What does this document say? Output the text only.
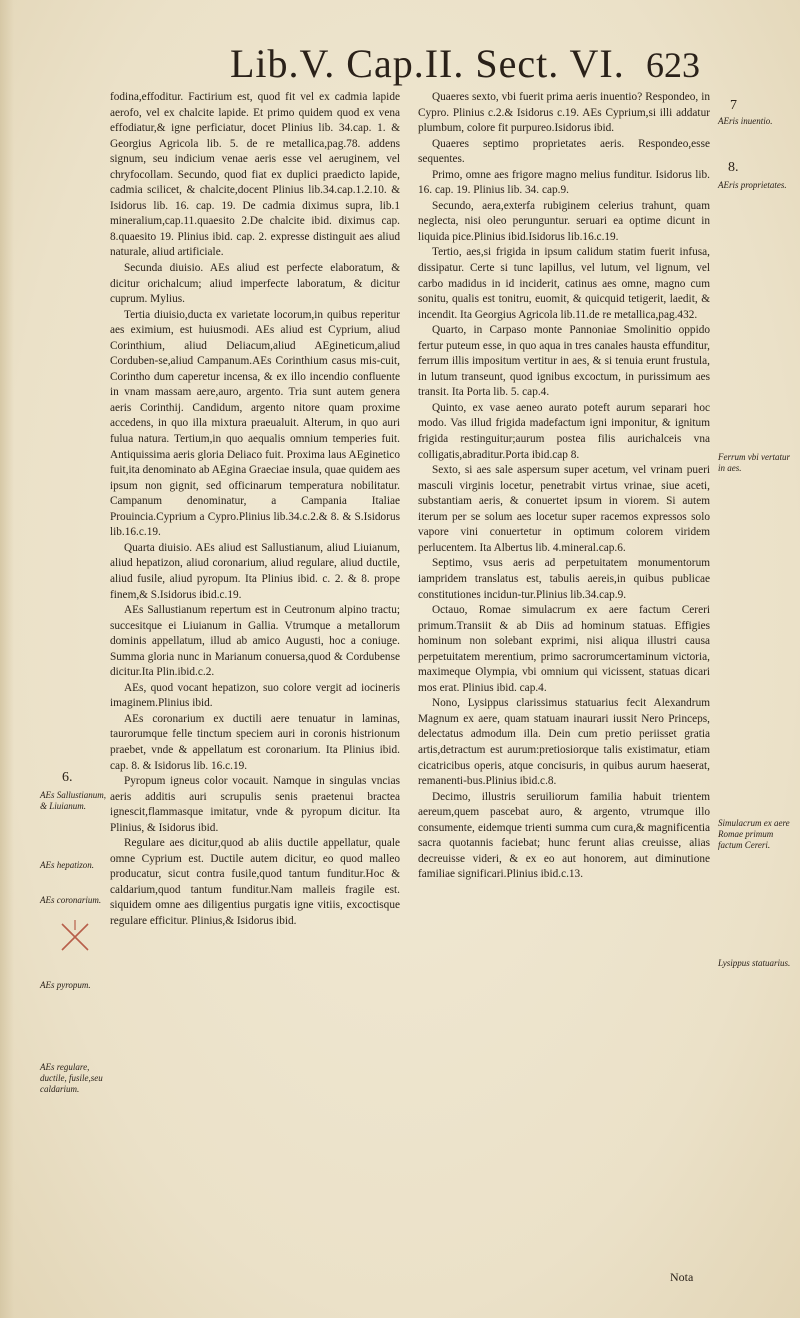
Lib.V. Cap.II. Sect. VI. 623

fodina,effoditur. Factirium est, quod fit vel ex cadmia lapide aerofo, vel ex chalcite lapide. Et primo quidem quod ex vena effodiatur,& igne perficiatur, docet Plinius lib. 34.cap. 1. & Georgius Agricola lib. 5. de re metallica,pag.78. addens signum, seu indicium venae aeris esse vel aeruginem, vel chryfocollam. Secundo, quod fiat ex duplici praedicto lapide, cadmia scilicet, & chalcite,docent Plinius lib.34.cap.1.2.10. & Isidorus lib. 16. cap. 19. De cadmia diximus supra, lib.1 mineralium,cap.11.quaesito 2.De chalcite ibid. diximus cap. 8.quaesito 19. Plinius ibid. cap. 2. expresse distinguit aes aliud naturale, aliud artificiale.

Secunda diuisio. AEs aliud est perfecte elaboratum, & dicitur orichalcum; aliud imperfecte laboratum, & dicitur cuprum. Mylius.

Tertia diuisio,ducta ex varietate locorum,in quibus reperitur aes eximium, est huiusmodi. AEs aliud est Cyprium, aliud Corinthium, aliud Deliacum,aliud AEgineticum,aliud Corduben-se,aliud Campanum.AEs Corinthium casus mis-cuit, Corintho dum caperetur incensa, & ex illo incendio confluente in vnam massam aere,auro, argento. Tria sunt autem genera aeris Corinthij. Candidum, argento nitore quam proxime accedens, in quo illa mixtura praeualuit. Alterum, in quo auri fulua natura. Tertium,in quo aequalis omnium temperies fuit. Antiquissima aeris gloria Deliaco fuit. Proxima laus AEginetico fuit,ita denominato ab AEgina Graeciae insula, quae quidem aes ipsum non gignit, sed officinarum temperatura nobilitatur. Campanum denominatur, a Campania Italiae Prouincia.Cyprium a Cypro.Plinius lib.34.c.2.& 8. & S.Isidorus lib.16.c.19.

Quarta diuisio. AEs aliud est Sallustianum, aliud Liuianum, aliud hepatizon, aliud coronarium, aliud regulare, aliud ductile, aliud fusile, aliud pyropum. Ita Plinius ibid. c. 2. & 8. prope finem,& S.Isidorus ibid.c.19.

AEs Sallustianum repertum est in Ceutronum alpino tractu; succesitque ei Liuianum in Gallia. Vtrumque a metallorum dominis appellatum, illud ab amico Augusti, hoc a coniuge. Summa gloria nunc in Marianum conuersa,quod & Cordubense dicitur.Ita Plin.ibid.c.2.

AEs, quod vocant hepatizon, suo colore vergit ad iocineris imaginem.Plinius ibid.

AEs coronarium ex ductili aere tenuatur in laminas, taurorumque felle tinctum speciem auri in coronis histrionum praebet, vnde & appellatum est coronarium. Ita Plinius ibid. cap. 8. & Isidorus lib. 16.c.19.

Pyropum igneus color vocauit. Namque in singulas vncias aeris additis auri scrupulis senis praetenui bractea ignescit,flammasque imitatur, vnde & pyropum dicitur. Ita Plinius, & Isidorus ibid.

Regulare aes dicitur,quod ab aliis ductile appellatur, quale omne Cyprium est. Ductile autem dicitur, eo quod malleo producatur, sicut contra fusile,quod tantum funditur.Hoc & caldarium,quod tantum funditur.Nam malleis fragile est. siquidem omne aes diligentius purgatis igne vitiis, excoctisque regulare efficitur. Plinius,& Isidorus ibid.

Quaeres sexto, vbi fuerit prima aeris inuentio? Respondeo, in Cypro. Plinius c.2.& Isidorus c.19. AEs Cyprium,si illi addatur plumbum, colore fit purpureo.Isidorus ibid.

Quaeres septimo proprietates aeris. Respondeo,esse sequentes.

Primo, omne aes frigore magno melius funditur. Isidorus lib. 16. cap. 19. Plinius lib. 34. cap.9.

Secundo, aera,exterfa rubiginem celerius trahunt, quam neglecta, nisi oleo perunguntur. seruari ea optime dicunt in liquida pice.Plinius ibid.Isidorus lib.16.c.19.

Tertio, aes,si frigida in ipsum calidum statim fuerit infusa, dissipatur. Certe si tunc lapillus, vel lutum, vel lignum, vel carbo madidus in id inciderit, catinus aes omne, magno cum sonitu, qualis est tonitru, euomit, & quicquid tetigerit, laedit, & incendit. Ita Georgius Agricola lib.11.de re metallica,pag.432.

Quarto, in Carpaso monte Pannoniae Smolinitio oppido fertur puteum esse, in quo aqua in tres canales hausta effunditur, ferrum illis impositum vertitur in aes, & si tenuia erunt frustula, in lutum transeunt, quod ignibus excoctum, in purissimum aes transit. Ita Porta lib. 5. cap.4.

Quinto, ex vase aeneo aurato poteft aurum separari hoc modo. Vas illud frigida madefactum igni imponitur, & ignitum frigida restinguitur;aurum postea filis aurichalceis vna colligatis,abraditur.Porta ibid.cap 8.

Sexto, si aes sale aspersum super acetum, vel vrinam pueri masculi virginis locetur, penetrabit virtus vrinae, siue aceti, substantiam aeris, & conuertet ipsum in viorem. Si autem iterum per se solum aes locetur super racemos expressos solo vapore vini conuertetur in optimum colorem viridem perlucentem. Ita Albertus lib. 4.mineral.cap.6.

Septimo, vsus aeris ad perpetuitatem monumentorum iampridem translatus est, tabulis aereis,in quibus publicae constitutiones incidun-tur.Plinius lib.34.cap.9.

Octauo, Romae simulacrum ex aere factum Cereri primum.Transiit & ab Diis ad hominum statuas. Effigies hominum non solebant exprimi, nisi aliqua illustri causa perpetuitatem merentium, primo sacrorumcertaminum victoria, maximeque Olympia, vbi omnium qui vicissent, statuas dicari mos erat. Plinius ibid. cap.4.

Nono, Lysippus clarissimus statuarius fecit Alexandrum Magnum ex aere, quam statuam inaurari iussit Nero Princeps, delectatus admodum illa. Dein cum pretio periisset gratia artis,detractum est aurum:pretiosiorque talis existimatur, etiam cicatricibus operis, atque concisuris, in quibus aurum haeserat, remanenti-bus.Plinius ibid.c.8.

Decimo, illustris seruiliorum familia habuit trientem aereum,quem pascebat auro, & argento, vtrumque illo consumente, eidemque trienti summa cum cura,& magnificentia sacra quotannis faciebat; hunc ferunt alias creuisse, alias decreuisse videri, & ex eo aut honorem, aut diminutione familiae significari.Plinius ibid.c.13.

6.
AEs Sallustianum, & Liuianum.
AEs hepatizon.
AEs coronarium.
AEs pyropum.
AEs regulare, ductile, fusile,seu caldarium.
7
AEris inuentio.
8.
AEris proprietates.
Ferrum vbi vertatur in aes.
Simulacrum ex aere Romae primum factum Cereri.
Lysippus statuarius.
Nota
